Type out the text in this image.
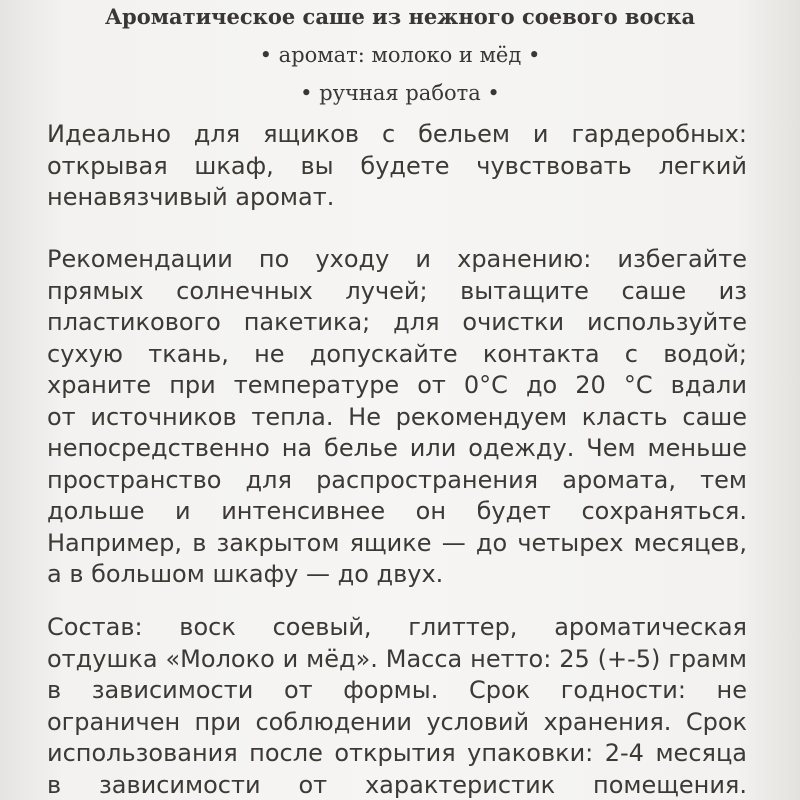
Ароматическое саше из нежного соевого воска
• аромат: молоко и мёд •
• ручная работа •

Идеально для ящиков с бельем и гардеробных:
открывая шкаф, вы будете чувствовать легкий
ненавязчивый аромат.

Рекомендации по уходу и хранению: избегайте
прямых солнечных лучей; вытащите саше из
пластикового пакетика; для очистки используйте
сухую ткань, не допускайте контакта с водой;
храните при температуре от 0°C до 20 °C вдали
от источников тепла. Не рекомендуем класть саше
непосредственно на белье или одежду. Чем меньше
пространство для распространения аромата, тем
дольше и интенсивнее он будет сохраняться.
Например, в закрытом ящике — до четырех месяцев,
а в большом шкафу — до двух.

Состав: воск соевый, глиттер, ароматическая
отдушка «Молоко и мёд». Масса нетто: 25 (+-5) грамм
в зависимости от формы. Срок годности: не
ограничен при соблюдении условий хранения. Срок
использования после открытия упаковки: 2-4 месяца
в зависимости от характеристик помещения.
